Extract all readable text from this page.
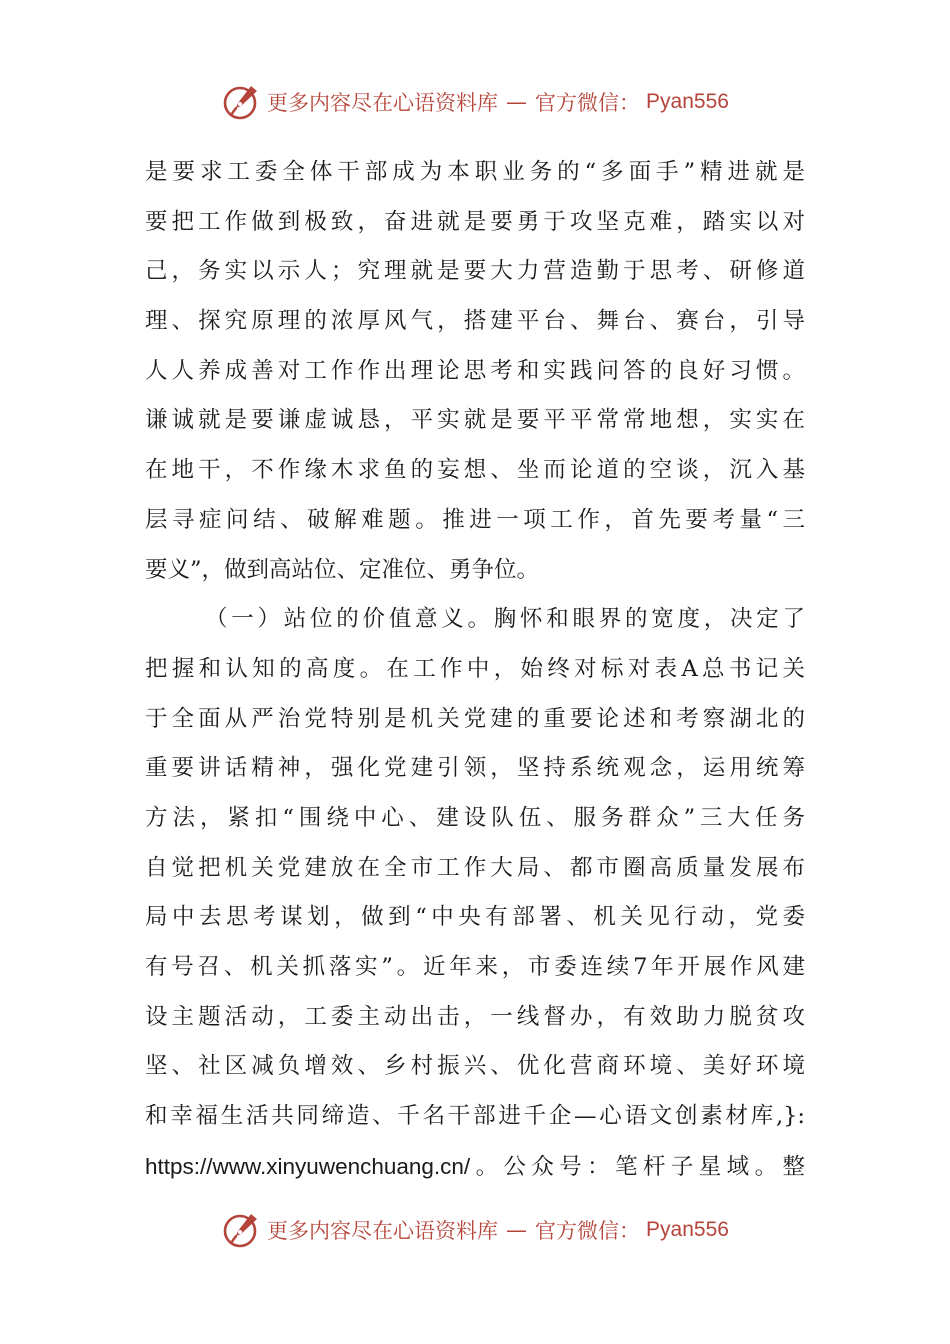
更多内容尽在心语资料库 — 官方微信： Pyan556
是要求工委全体干部成为本职业务的“多面手”精进就是
要把工作做到极致，奋进就是要勇于攻坚克难，踏实以对
己，务实以示人；究理就是要大力营造勤于思考、研修道
理、探究原理的浓厚风气，搭建平台、舞台、赛台，引导
人人养成善对工作作出理论思考和实践问答的良好习惯。
谦诚就是要谦虚诚恳，平实就是要平平常常地想，实实在
在地干，不作缘木求鱼的妄想、坐而论道的空谈，沉入基
层寻症问结、破解难题。推进一项工作，首先要考量“三
要义”，做到高站位、定准位、勇争位。
（一）站位的价值意义。胸怀和眼界的宽度，决定了
把握和认知的高度。在工作中，始终对标对表A总书记关
于全面从严治党特别是机关党建的重要论述和考察湖北的
重要讲话精神，强化党建引领，坚持系统观念，运用统筹
方法，紧扣“围绕中心、建设队伍、服务群众”三大任务
自觉把机关党建放在全市工作大局、都市圈高质量发展布
局中去思考谋划，做到“中央有部署、机关见行动，党委
有号召、机关抓落实”。近年来，市委连续7年开展作风建
设主题活动，工委主动出击，一线督办，有效助力脱贫攻
坚、社区减负增效、乡村振兴、优化营商环境、美好环境
和幸福生活共同缔造、千名干部进千企—心语文创素材库,}:
https://www.xinyuwenchuang.cn/。公众号：笔杆子星域。整
更多内容尽在心语资料库 — 官方微信： Pyan556
